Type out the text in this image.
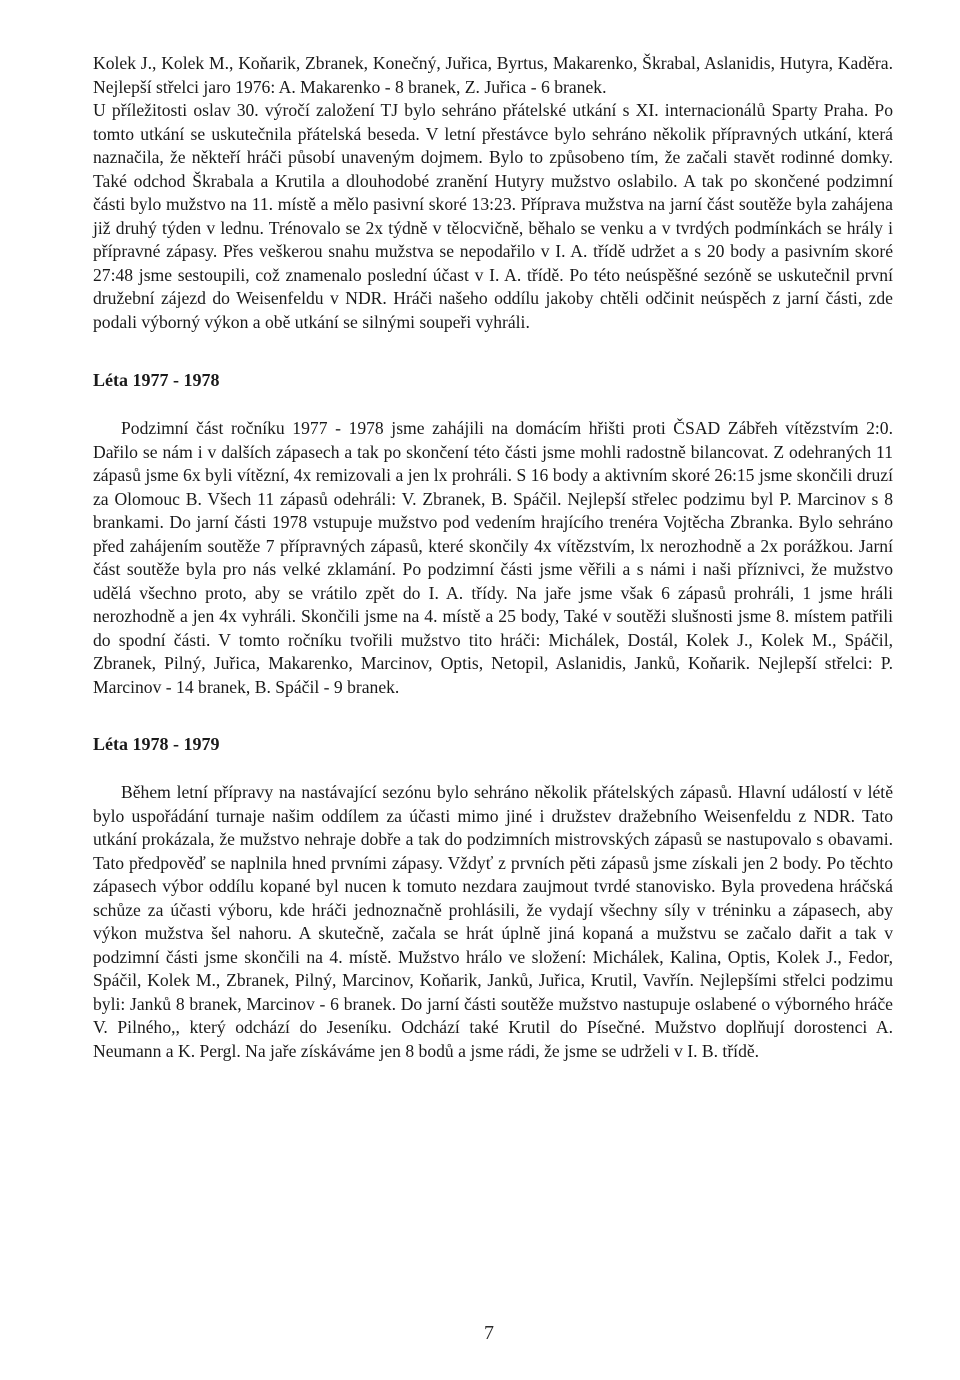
Kolek J., Kolek M., Koňarik, Zbranek, Konečný, Juřica, Byrtus, Makarenko, Škrabal, Aslanidis, Hutyra, Kaděra. Nejlepší střelci jaro 1976: A. Makarenko - 8 branek, Z. Juřica - 6 branek.

U příležitosti oslav 30. výročí založení TJ bylo sehráno přátelské utkání s XI. internacionálů Sparty Praha. Po tomto utkání se uskutečnila přátelská beseda. V letní přestávce bylo sehráno několik přípravných utkání, která naznačila, že někteří hráči působí unaveným dojmem. Bylo to způsobeno tím, že začali stavět rodinné domky. Také odchod Škrabala a Krutila a dlouhodobé zranění Hutyry mužstvo oslabilo. A tak po skončené podzimní části bylo mužstvo na 11. místě a mělo pasivní skoré 13:23. Příprava mužstva na jarní část soutěže byla zahájena již druhý týden v lednu. Trénovalo se 2x týdně v tělocvičně, běhalo se venku a v tvrdých podmínkách se hrály i přípravné zápasy. Přes veškerou snahu mužstva se nepodařilo v I. A. třídě udržet a s 20 body a pasivním skoré 27:48 jsme sestoupili, což znamenalo poslední účast v I. A. třídě. Po této neúspěšné sezóně se uskutečnil první družební zájezd do Weisenfeldu v NDR. Hráči našeho oddílu jakoby chtěli odčinit neúspěch z jarní části, zde podali výborný výkon a obě utkání se silnými soupeři vyhráli.

Léta 1977 - 1978

Podzimní část ročníku 1977 - 1978 jsme zahájili na domácím hřišti proti ČSAD Zábřeh vítězstvím 2:0. Dařilo se nám i v dalších zápasech a tak po skončení této části jsme mohli radostně bilancovat. Z odehraných 11 zápasů jsme 6x byli vítězní, 4x remizovali a jen lx prohráli. S 16 body a aktivním skoré 26:15 jsme skončili druzí za Olomouc B. Všech 11 zápasů odehráli: V. Zbranek, B. Spáčil. Nejlepší střelec podzimu byl P. Marcinov s 8 brankami. Do jarní části 1978 vstupuje mužstvo pod vedením hrajícího trenéra Vojtěcha Zbranka. Bylo sehráno před zahájením soutěže 7 přípravných zápasů, které skončily 4x vítězstvím, lx nerozhodně a 2x porážkou. Jarní část soutěže byla pro nás velké zklamání. Po podzimní části jsme věřili a s námi i naši příznivci, že mužstvo udělá všechno proto, aby se vrátilo zpět do I. A. třídy. Na jaře jsme však 6 zápasů prohráli, 1 jsme hráli nerozhodně a jen 4x vyhráli. Skončili jsme na 4. místě a 25 body, Také v soutěži slušnosti jsme 8. místem patřili do spodní části. V tomto ročníku tvořili mužstvo tito hráči: Michálek, Dostál, Kolek J., Kolek M., Spáčil, Zbranek, Pilný, Juřica, Makarenko, Marcinov, Optis, Netopil, Aslanidis, Janků, Koňarik. Nejlepší střelci: P. Marcinov - 14 branek, B. Spáčil - 9 branek.

Léta 1978 - 1979

Během letní přípravy na nastávající sezónu bylo sehráno několik přátelských zápasů. Hlavní událostí v létě bylo uspořádání turnaje našim oddílem za účasti mimo jiné i družstev dražebního Weisenfeldu z NDR. Tato utkání prokázala, že mužstvo nehraje dobře a tak do podzimních mistrovských zápasů se nastupovalo s obavami. Tato předpověď se naplnila hned prvními zápasy. Vždyť z prvních pěti zápasů jsme získali jen 2 body. Po těchto zápasech výbor oddílu kopané byl nucen k tomuto nezdara zaujmout tvrdé stanovisko. Byla provedena hráčská schůze za účasti výboru, kde hráči jednoznačně prohlásili, že vydají všechny síly v tréninku a zápasech, aby výkon mužstva šel nahoru. A skutečně, začala se hrát úplně jiná kopaná a mužstvu se začalo dařit a tak v podzimní části jsme skončili na 4. místě. Mužstvo hrálo ve složení: Michálek, Kalina, Optis, Kolek J., Fedor, Spáčil, Kolek M., Zbranek, Pilný, Marcinov, Koňarik, Janků, Juřica, Krutil, Vavřín. Nejlepšími střelci podzimu byli: Janků 8 branek, Marcinov - 6 branek. Do jarní části soutěže mužstvo nastupuje oslabené o výborného hráče V. Pilného,, který odchází do Jeseníku. Odchází také Krutil do Písečné. Mužstvo doplňují dorostenci A. Neumann a K. Pergl. Na jaře získáváme jen 8 bodů a jsme rádi, že jsme se udrželi v I. B. třídě.

7
